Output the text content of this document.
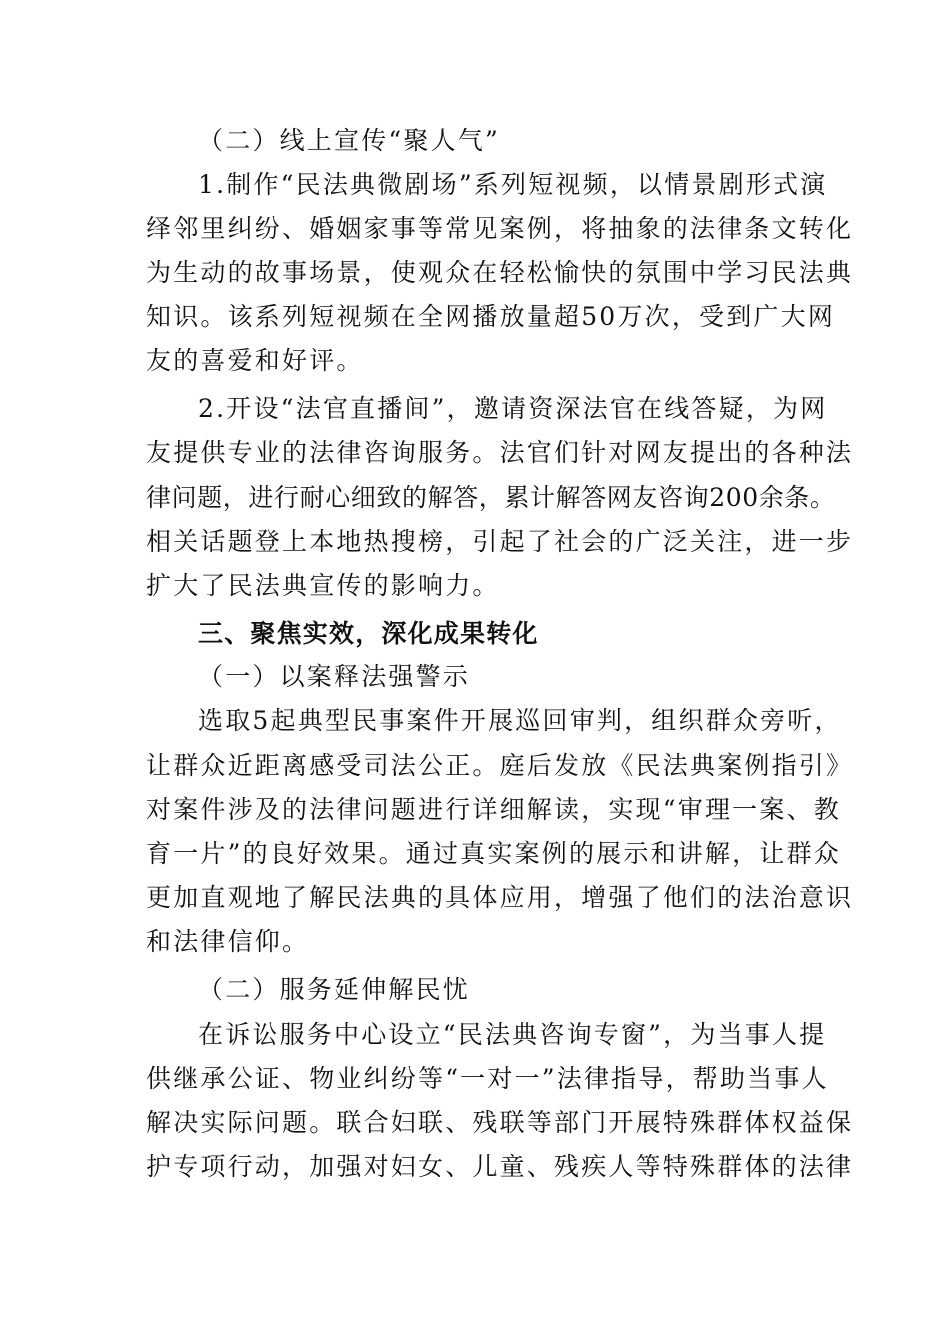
（二）线上宣传“聚人气”
1.制作“民法典微剧场”系列短视频，以情景剧形式演
绎邻里纠纷、婚姻家事等常见案例，将抽象的法律条文转化
为生动的故事场景，使观众在轻松愉快的氛围中学习民法典
知识。该系列短视频在全网播放量超50万次，受到广大网
友的喜爱和好评。
2.开设“法官直播间”，邀请资深法官在线答疑，为网
友提供专业的法律咨询服务。法官们针对网友提出的各种法
律问题，进行耐心细致的解答，累计解答网友咨询200余条。
相关话题登上本地热搜榜，引起了社会的广泛关注，进一步
扩大了民法典宣传的影响力。
三、聚焦实效，深化成果转化
（一）以案释法强警示
选取5起典型民事案件开展巡回审判，组织群众旁听，
让群众近距离感受司法公正。庭后发放《民法典案例指引》
对案件涉及的法律问题进行详细解读，实现“审理一案、教
育一片”的良好效果。通过真实案例的展示和讲解，让群众
更加直观地了解民法典的具体应用，增强了他们的法治意识
和法律信仰。
（二）服务延伸解民忧
在诉讼服务中心设立“民法典咨询专窗”，为当事人提
供继承公证、物业纠纷等“一对一”法律指导，帮助当事人
解决实际问题。联合妇联、残联等部门开展特殊群体权益保
护专项行动，加强对妇女、儿童、残疾人等特殊群体的法律
